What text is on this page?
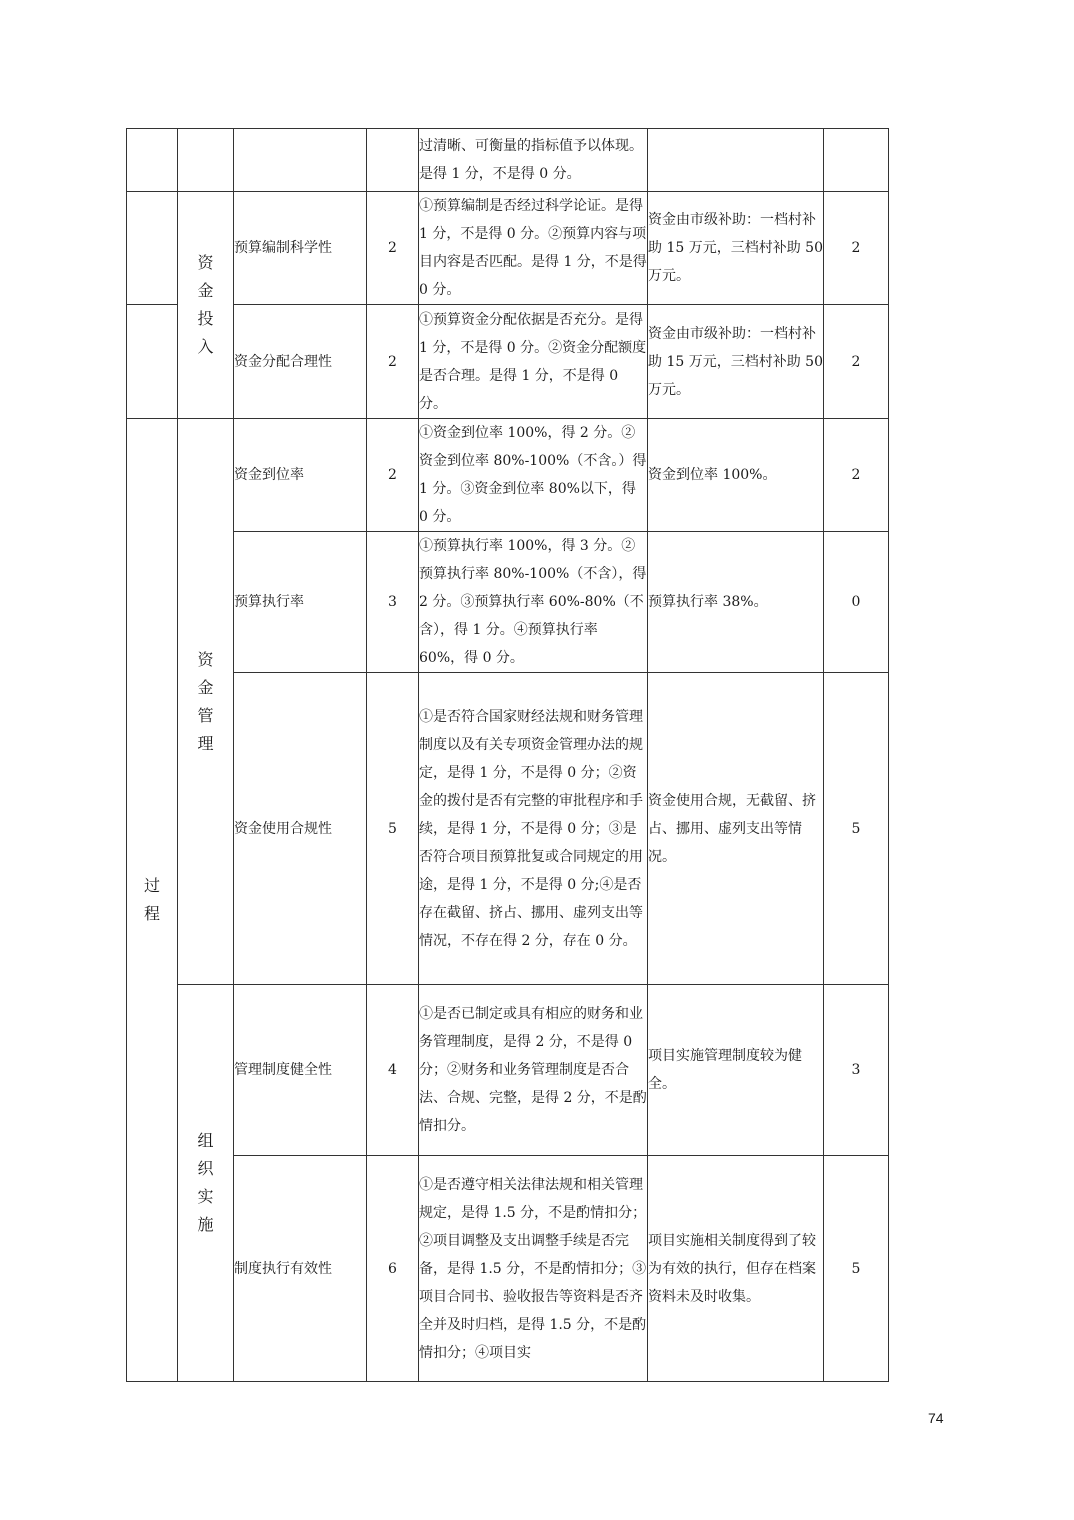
				过清晰、可衡量的指标值予以体现。是得 1 分，不是得 0 分。		
	资金投入	预算编制科学性	2	①预算编制是否经过科学论证。是得 1 分，不是得 0 分。②预算内容与项目内容是否匹配。是得 1 分，不是得 0 分。	资金由市级补助：一档村补助 15 万元，三档村补助 50 万元。	2
		资金分配合理性	2	①预算资金分配依据是否充分。是得 1 分，不是得 0 分。②资金分配额度是否合理。是得 1 分，不是得 0 分。	资金由市级补助：一档村补助 15 万元，三档村补助 50 万元。	2
过程	资金管理	资金到位率	2	①资金到位率 100%，得 2 分。②资金到位率 80%-100%（不含。）得 1 分。③资金到位率 80%以下，得 0 分。	资金到位率 100%。	2
		预算执行率	3	①预算执行率 100%，得 3 分。②预算执行率 80%-100%（不含），得 2 分。③预算执行率 60%-80%（不含），得 1 分。④预算执行率 60%，得 0 分。	预算执行率 38%。	0
		资金使用合规性	5	①是否符合国家财经法规和财务管理制度以及有关专项资金管理办法的规定，是得 1 分，不是得 0 分；②资金的拨付是否有完整的审批程序和手续，是得 1 分，不是得 0 分；③是否符合项目预算批复或合同规定的用途，是得 1 分，不是得 0 分;④是否存在截留、挤占、挪用、虚列支出等情况，不存在得 2 分，存在 0 分。	资金使用合规，无截留、挤占、挪用、虚列支出等情况。	5
	组织实施	管理制度健全性	4	①是否已制定或具有相应的财务和业务管理制度，是得 2 分，不是得 0 分；②财务和业务管理制度是否合法、合规、完整，是得 2 分，不是酌情扣分。	项目实施管理制度较为健全。	3
		制度执行有效性	6	①是否遵守相关法律法规和相关管理规定，是得 1.5 分，不是酌情扣分；②项目调整及支出调整手续是否完备，是得 1.5 分，不是酌情扣分；③项目合同书、验收报告等资料是否齐全并及时归档，是得 1.5 分，不是酌情扣分；④项目实	项目实施相关制度得到了较为有效的执行，但存在档案资料未及时收集。	5
74
